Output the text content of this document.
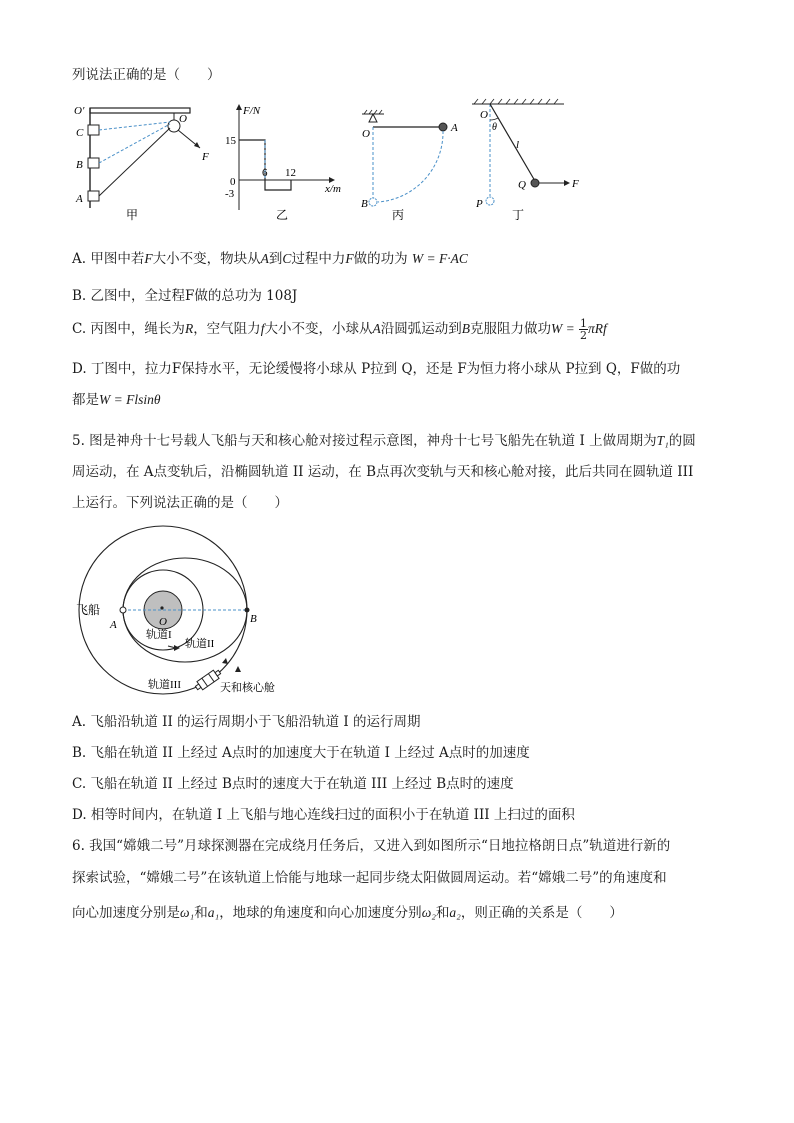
列说法正确的是（　　）
O′
O
C
B
A
F
甲
F/N
x/m
15
0
-3
6 12
乙
O	A
B
丙
O
θ
l
P
Q	F
丁
A. 甲图中若F大小不变，物块从A到C过程中力F做的功为 W = F·AC
B. 乙图中，全过程F做的总功为 108J
C. 丙图中，绳长为R，空气阻力f大小不变，小球从A沿圆弧运动到B克服阻力做功$W = \frac{1}{2}$ πRf
D. 丁图中，拉力F保持水平，无论缓慢将小球从 P拉到 Q，还是 F为恒力将小球从 P拉到 Q，F做的功
都是W = Flsinθ
5. 图是神舟十七号载人飞船与天和核心舱对接过程示意图，神舟十七号飞船先在轨道 I 上做周期为T₁的圆
周运动，在 A点变轨后，沿椭圆轨道 II 运动，在 B点再次变轨与天和核心舱对接，此后共同在圆轨道 III
上运行。下列说法正确的是（　　）
飞船
A	O	B
轨道I
轨道II
轨道III	天和核心舱
A. 飞船沿轨道 II 的运行周期小于飞船沿轨道 I 的运行周期
B. 飞船在轨道 II 上经过 A点时的加速度大于在轨道 I 上经过 A点时的加速度
C. 飞船在轨道 II 上经过 B点时的速度大于在轨道 III 上经过 B点时的速度
D. 相等时间内，在轨道 I 上飞船与地心连线扫过的面积小于在轨道 III 上扫过的面积
6. 我国“嫦娥二号”月球探测器在完成绕月任务后，又进入到如图所示“日地拉格朗日点”轨道进行新的
探索试验，“嫦娥二号”在该轨道上恰能与地球一起同步绕太阳做圆周运动。若“嫦娥二号”的角速度和
向心加速度分别是ω₁和a₁，地球的角速度和向心加速度分别ω₂和a₂，则正确的关系是（　　）
